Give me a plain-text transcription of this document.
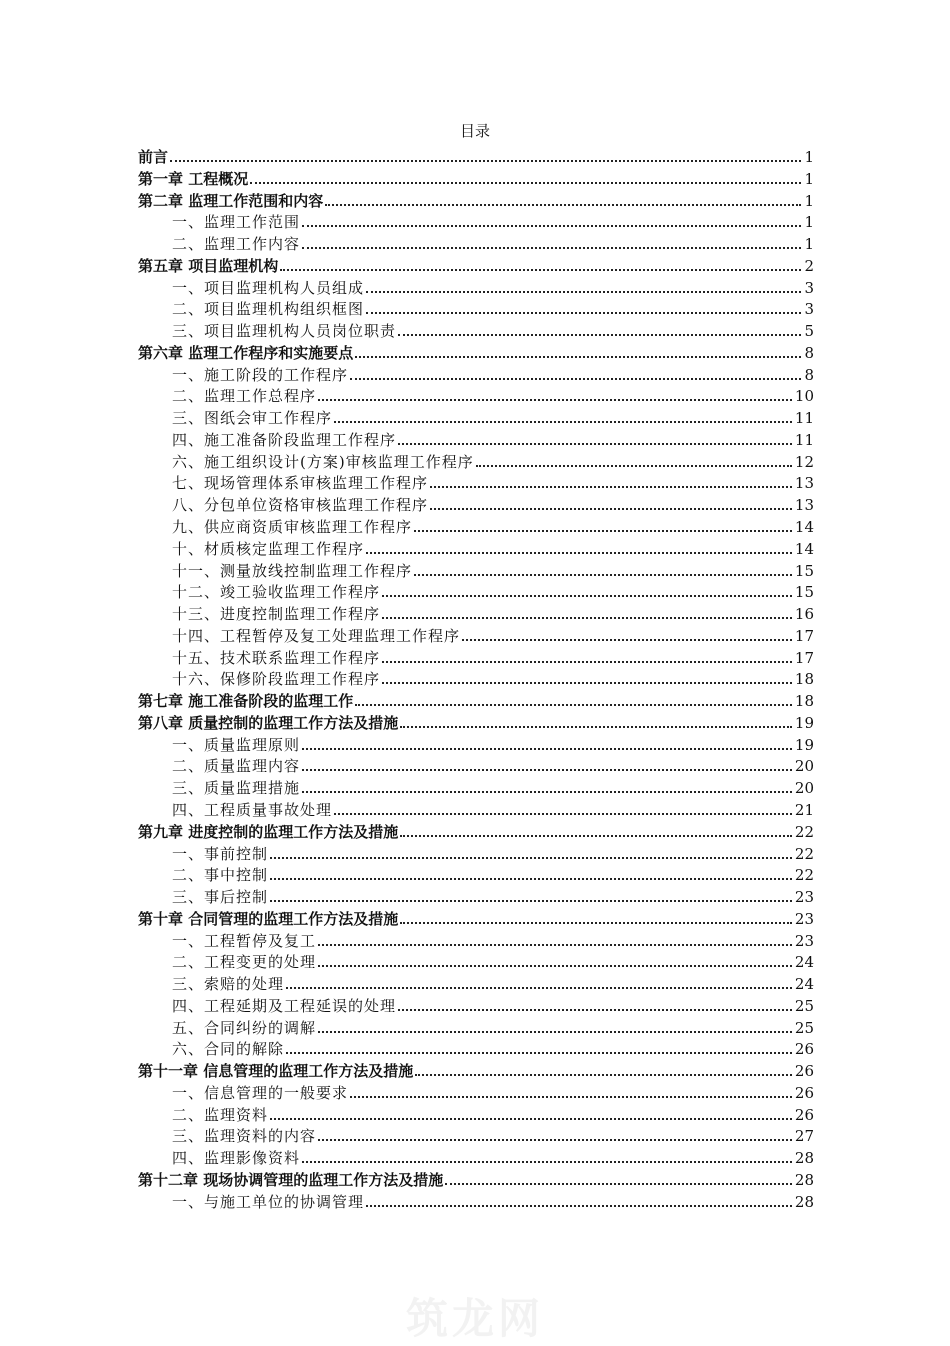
目录
前言	1
第一章 工程概况	1
第二章 监理工作范围和内容	1
一、监理工作范围	1
二、监理工作内容	1
第五章 项目监理机构	2
一、项目监理机构人员组成	3
二、项目监理机构组织框图	3
三、项目监理机构人员岗位职责	5
第六章 监理工作程序和实施要点	8
一、施工阶段的工作程序	8
二、监理工作总程序	10
三、图纸会审工作程序	11
四、施工准备阶段监理工作程序	11
六、施工组织设计(方案)审核监理工作程序	12
七、现场管理体系审核监理工作程序	13
八、分包单位资格审核监理工作程序	13
九、供应商资质审核监理工作程序	14
十、材质核定监理工作程序	14
十一、测量放线控制监理工作程序	15
十二、竣工验收监理工作程序	15
十三、进度控制监理工作程序	16
十四、工程暂停及复工处理监理工作程序	17
十五、技术联系监理工作程序	17
十六、保修阶段监理工作程序	18
第七章 施工准备阶段的监理工作	18
第八章 质量控制的监理工作方法及措施	19
一、质量监理原则	19
二、质量监理内容	20
三、质量监理措施	20
四、工程质量事故处理	21
第九章 进度控制的监理工作方法及措施	22
一、事前控制	22
二、事中控制	22
三、事后控制	23
第十章 合同管理的监理工作方法及措施	23
一、工程暂停及复工	23
二、工程变更的处理	24
三、索赔的处理	24
四、工程延期及工程延误的处理	25
五、合同纠纷的调解	25
六、合同的解除	26
第十一章 信息管理的监理工作方法及措施	26
一、信息管理的一般要求	26
二、监理资料	26
三、监理资料的内容	27
四、监理影像资料	28
第十二章 现场协调管理的监理工作方法及措施	28
一、与施工单位的协调管理	28
筑龙网
